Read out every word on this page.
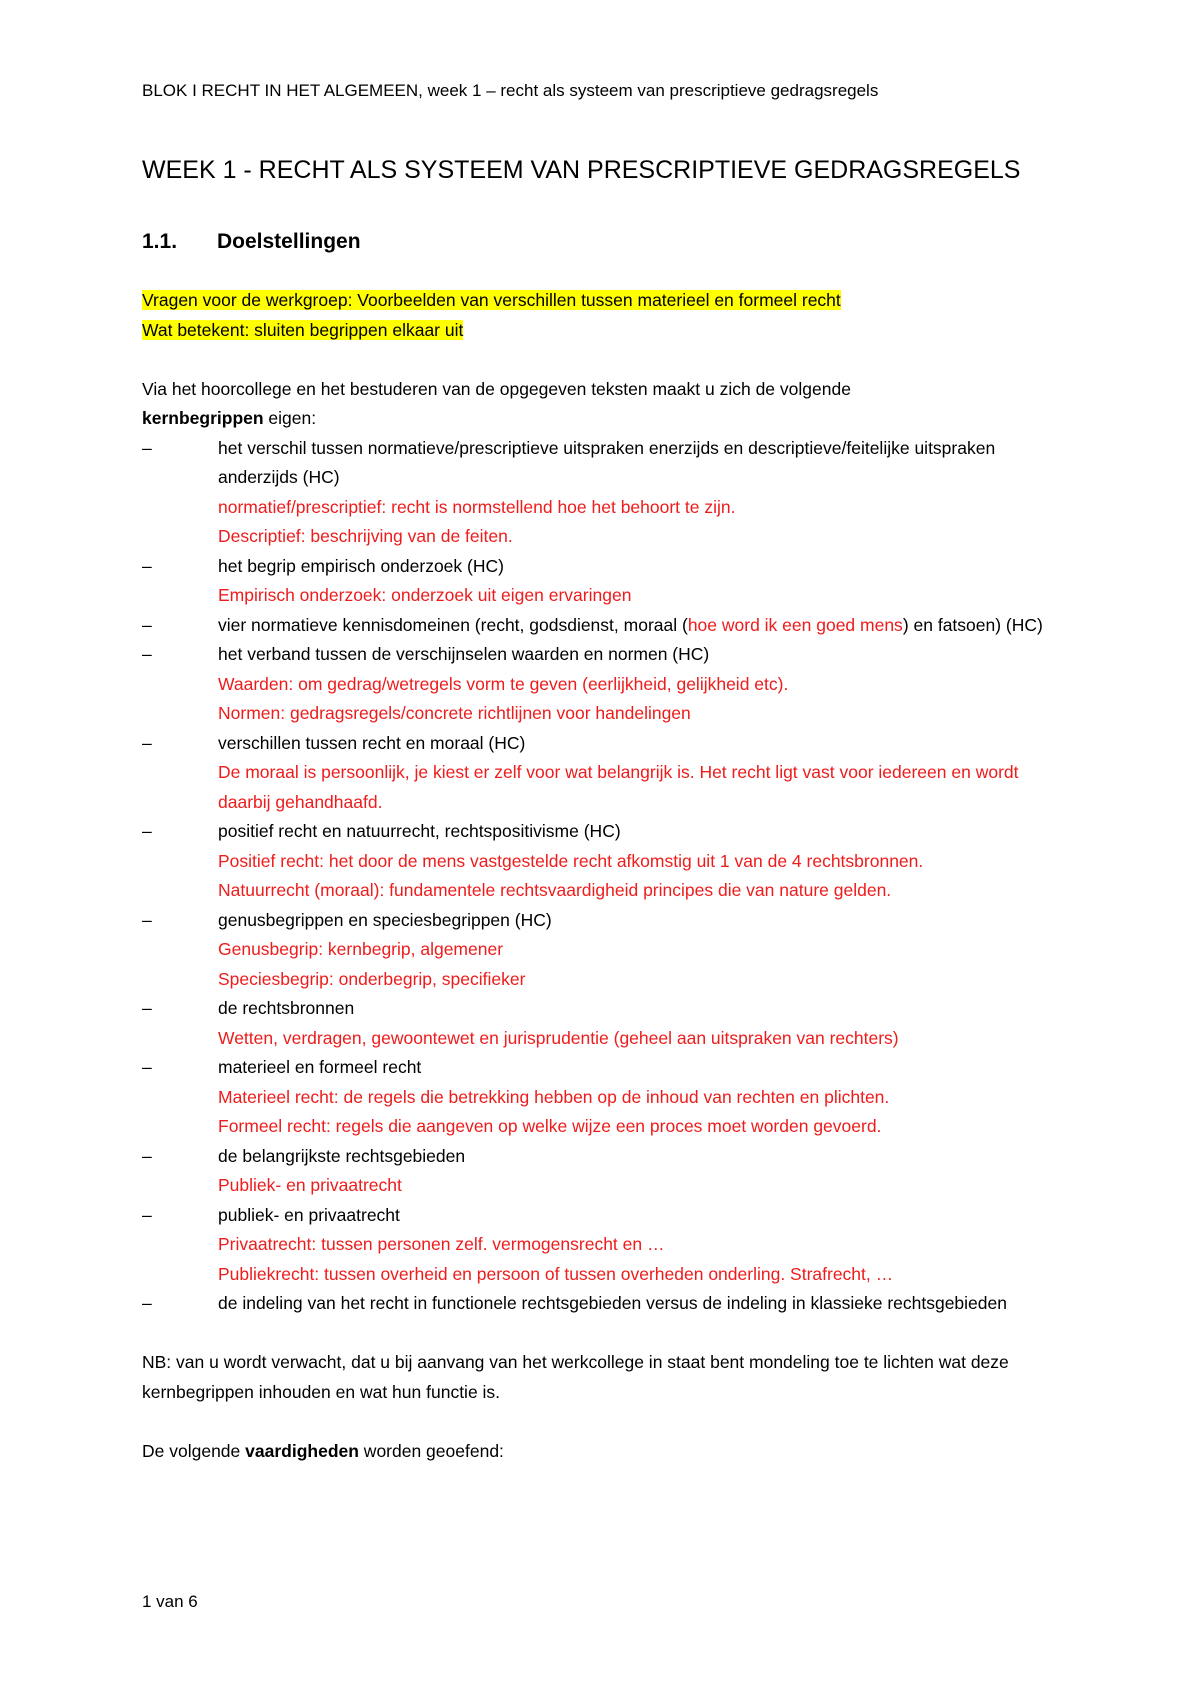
BLOK I RECHT IN HET ALGEMEEN, week 1 – recht als systeem van prescriptieve gedragsregels
WEEK 1 - RECHT ALS SYSTEEM VAN PRESCRIPTIEVE GEDRAGSREGELS
1.1. Doelstellingen

Vragen voor de werkgroep: Voorbeelden van verschillen tussen materieel en formeel recht

Wat betekent: sluiten begrippen elkaar uit

Via het hoorcollege en het bestuderen van de opgegeven teksten maakt u zich de volgende

kernbegrippen eigen:

–	het verschil tussen normatieve/prescriptieve uitspraken enerzijds en descriptieve/feitelijke uitspraken anderzijds (HC)

normatief/prescriptief: recht is normstellend hoe het behoort te zijn.

Descriptief: beschrijving van de feiten.

–	het begrip empirisch onderzoek (HC)

Empirisch onderzoek: onderzoek uit eigen ervaringen

–	vier normatieve kennisdomeinen (recht, godsdienst, moraal (hoe word ik een goed mens) en fatsoen) (HC)
–	het verband tussen de verschijnselen waarden en normen (HC)

Waarden: om gedrag/wetregels vorm te geven (eerlijkheid, gelijkheid etc).

Normen: gedragsregels/concrete richtlijnen voor handelingen

–	verschillen tussen recht en moraal (HC)

De moraal is persoonlijk, je kiest er zelf voor wat belangrijk is. Het recht ligt vast voor iedereen en wordt daarbij gehandhaafd.

–	positief recht en natuurrecht, rechtspositivisme (HC)

Positief recht: het door de mens vastgestelde recht afkomstig uit 1 van de 4 rechtsbronnen.

Natuurrecht (moraal): fundamentele rechtsvaardigheid principes die van nature gelden.

–	genusbegrippen en speciesbegrippen (HC)

Genusbegrip: kernbegrip, algemener

Speciesbegrip: onderbegrip, specifieker

–	de rechtsbronnen

Wetten, verdragen, gewoontewet en jurisprudentie (geheel aan uitspraken van rechters)

–	materieel en formeel recht

Materieel recht: de regels die betrekking hebben op de inhoud van rechten en plichten.

Formeel recht: regels die aangeven op welke wijze een proces moet worden gevoerd.

–	de belangrijkste rechtsgebieden

Publiek- en privaatrecht

–	publiek- en privaatrecht

Privaatrecht: tussen personen zelf. vermogensrecht en …

Publiekrecht: tussen overheid en persoon of tussen overheden onderling. Strafrecht, …

–	de indeling van het recht in functionele rechtsgebieden versus de indeling in klassieke rechtsgebieden

NB: van u wordt verwacht, dat u bij aanvang van het werkcollege in staat bent mondeling toe te lichten wat deze kernbegrippen inhouden en wat hun functie is.

De volgende vaardigheden worden geoefend:

1 van 6
